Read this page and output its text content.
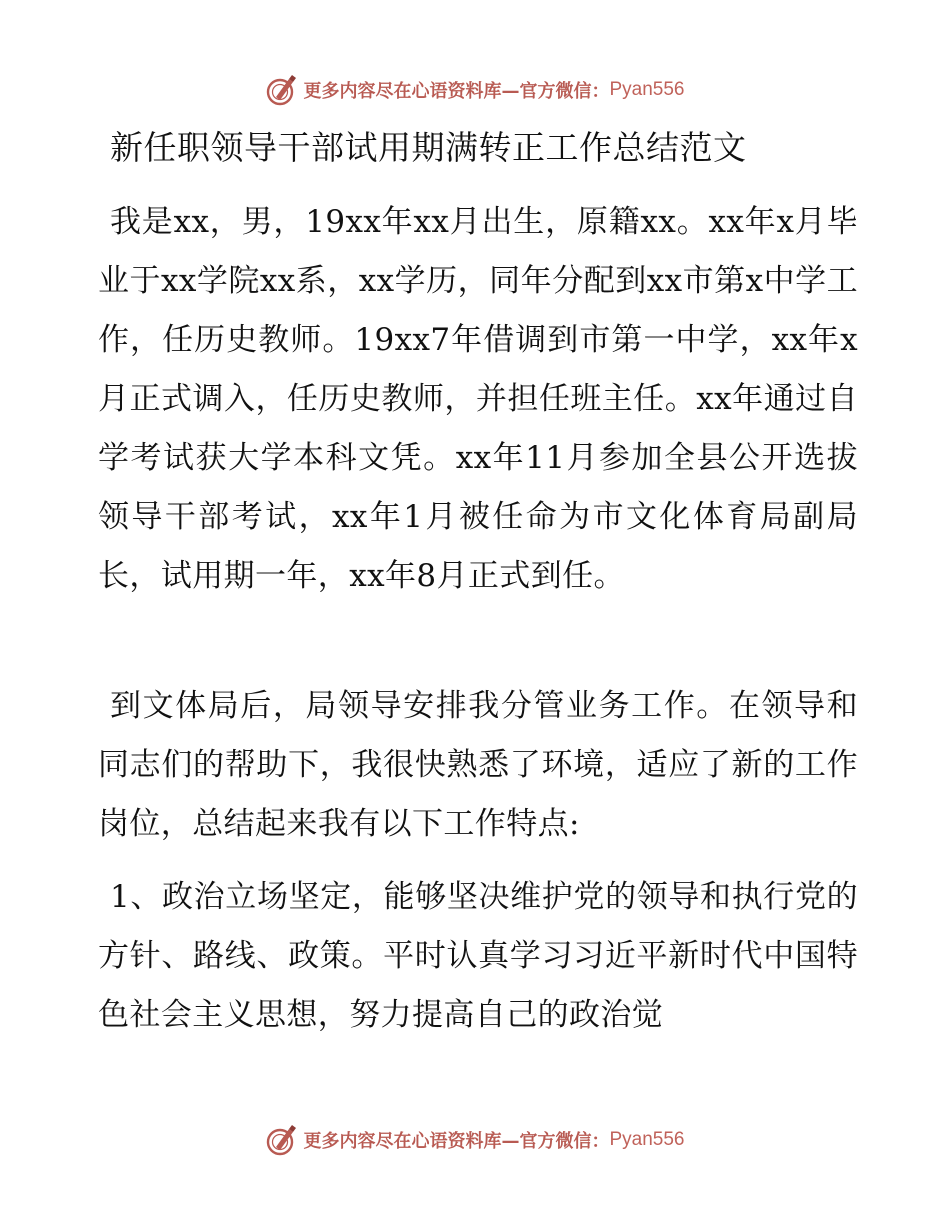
更多内容尽在心语资料库—官方微信： Pyan556
新任职领导干部试用期满转正工作总结范文

我是xx，男，19xx年xx月出生，原籍xx。xx年x月毕业于xx学院xx系，xx学历，同年分配到xx市第x中学工作，任历史教师。19xx7年借调到市第一中学，xx年x月正式调入，任历史教师，并担任班主任。xx年通过自学考试获大学本科文凭。xx年11月参加全县公开选拔领导干部考试，xx年1月被任命为市文化体育局副局长，试用期一年，xx年8月正式到任。

到文体局后，局领导安排我分管业务工作。在领导和同志们的帮助下，我很快熟悉了环境，适应了新的工作岗位，总结起来我有以下工作特点:

1、政治立场坚定，能够坚决维护党的领导和执行党的方针、路线、政策。平时认真学习习近平新时代中国特色社会主义思想，努力提高自己的政治觉

更多内容尽在心语资料库—官方微信： Pyan556
